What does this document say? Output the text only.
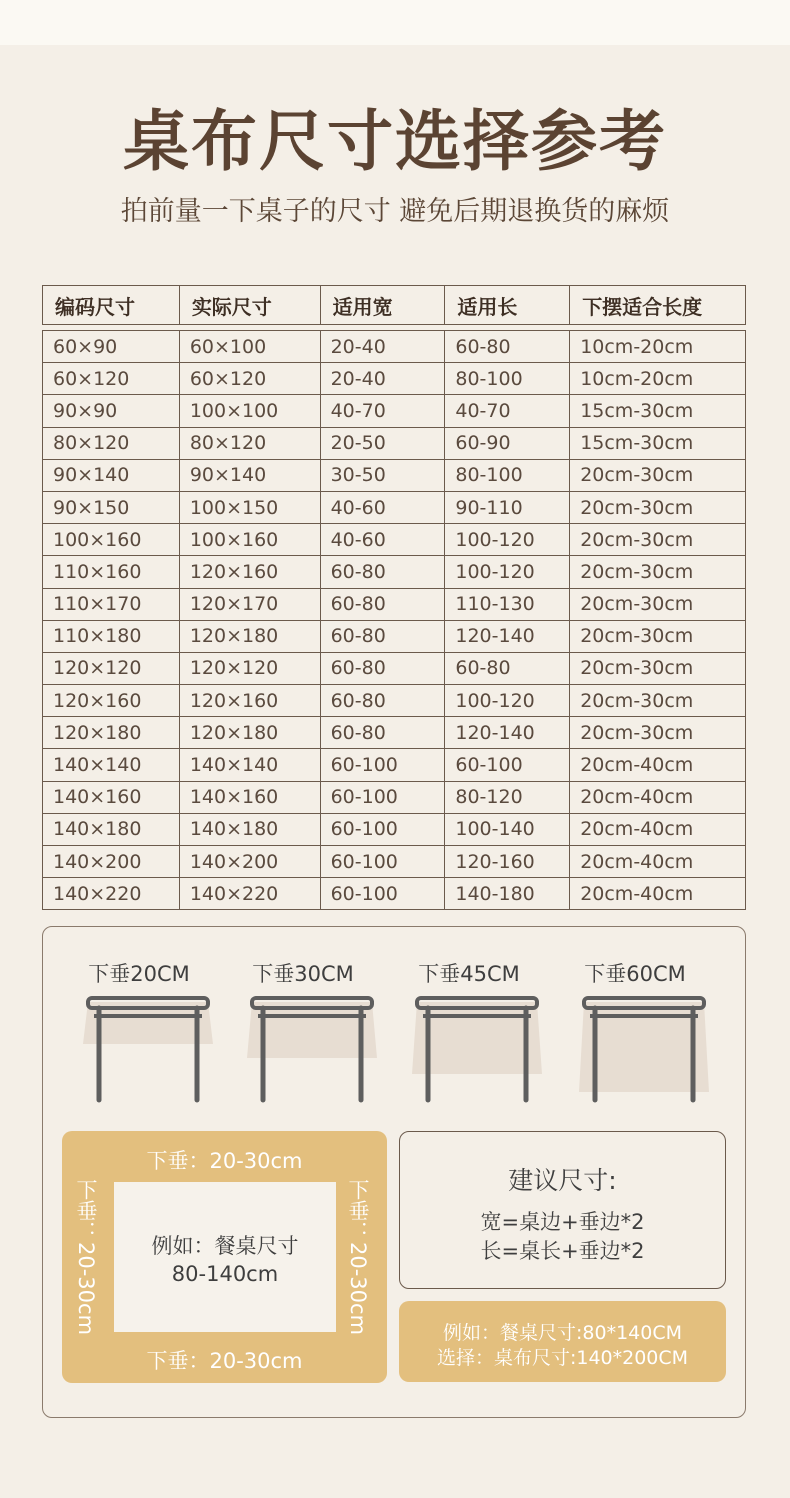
桌布尺寸选择参考
拍前量一下桌子的尺寸 避免后期退换货的麻烦
编码尺寸	实际尺寸	适用宽	适用长	下摆适合长度

60×90	60×100	20-40	60-80	10cm-20cm
60×120	60×120	20-40	80-100	10cm-20cm
90×90	100×100	40-70	40-70	15cm-30cm
80×120	80×120	20-50	60-90	15cm-30cm
90×140	90×140	30-50	80-100	20cm-30cm
90×150	100×150	40-60	90-110	20cm-30cm
100×160	100×160	40-60	100-120	20cm-30cm
110×160	120×160	60-80	100-120	20cm-30cm
110×170	120×170	60-80	110-130	20cm-30cm
110×180	120×180	60-80	120-140	20cm-30cm
120×120	120×120	60-80	60-80	20cm-30cm
120×160	120×160	60-80	100-120	20cm-30cm
120×180	120×180	60-80	120-140	20cm-30cm
140×140	140×140	60-100	60-100	20cm-40cm
140×160	140×160	60-100	80-120	20cm-40cm
140×180	140×180	60-100	100-140	20cm-40cm
140×200	140×200	60-100	120-160	20cm-40cm
140×220	140×220	60-100	140-180	20cm-40cm
下垂20CM	下垂30CM	下垂45CM	下垂60CM
下垂：20-30cm
下垂：20-30cm
下垂：20-30cm	下垂：20-30cm
例如：餐桌尺寸
80-140cm
建议尺寸:
宽=桌边+垂边*2
长=桌长+垂边*2
例如：餐桌尺寸:80*140CM
选择：桌布尺寸:140*200CM
